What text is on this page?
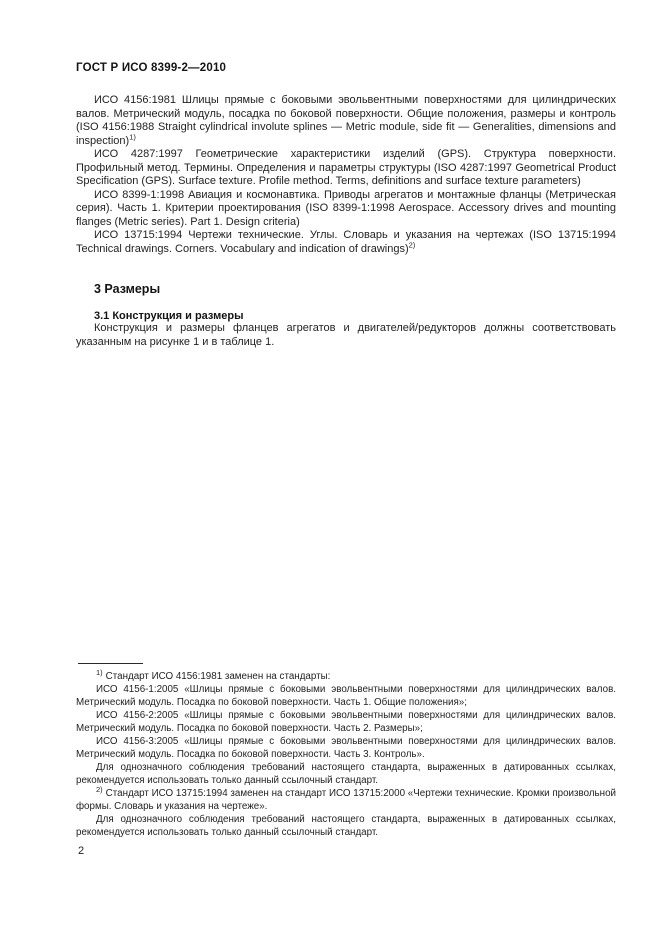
ГОСТ Р ИСО 8399-2—2010

ИСО 4156:1981 Шлицы прямые с боковыми эвольвентными поверхностями для цилиндрических валов. Метрический модуль, посадка по боковой поверхности. Общие положения, размеры и контроль (ISO 4156:1988 Straight cylindrical involute splines — Metric module, side fit — Generalities, dimensions and inspection)$^{1)}$

ИСО 4287:1997 Геометрические характеристики изделий (GPS). Структура поверхности. Профильный метод. Термины. Определения и параметры структуры (ISO 4287:1997 Geometrical Product Specification (GPS). Surface texture. Profile method. Terms, definitions and surface texture parameters)

ИСО 8399-1:1998 Авиация и космонавтика. Приводы агрегатов и монтажные фланцы (Метрическая серия). Часть 1. Критерии проектирования (ISO 8399-1:1998 Aerospace. Accessory drives and mounting flanges (Metric series). Part 1. Design criteria)

ИСО 13715:1994 Чертежи технические. Углы. Словарь и указания на чертежах (ISO 13715:1994 Technical drawings. Corners. Vocabulary and indication of drawings)$^{2)}$

3 Размеры
3.1 Конструкция и размеры

Конструкция и размеры фланцев агрегатов и двигателей/редукторов должны соответствовать указанным на рисунке 1 и в таблице 1.

$^{1)}$ Стандарт ИСО 4156:1981 заменен на стандарты:

ИСО 4156-1:2005 «Шлицы прямые с боковыми эвольвентными поверхностями для цилиндрических валов. Метрический модуль. Посадка по боковой поверхности. Часть 1. Общие положения»;

ИСО 4156-2:2005 «Шлицы прямые с боковыми эвольвентными поверхностями для цилиндрических валов. Метрический модуль. Посадка по боковой поверхности. Часть 2. Размеры»;

ИСО 4156-3:2005 «Шлицы прямые с боковыми эвольвентными поверхностями для цилиндрических валов. Метрический модуль. Посадка по боковой поверхности. Часть 3. Контроль».

Для однозначного соблюдения требований настоящего стандарта, выраженных в датированных ссылках, рекомендуется использовать только данный ссылочный стандарт.

$^{2)}$ Стандарт ИСО 13715:1994 заменен на стандарт ИСО 13715:2000 «Чертежи технические. Кромки произвольной формы. Словарь и указания на чертеже».

Для однозначного соблюдения требований настоящего стандарта, выраженных в датированных ссылках, рекомендуется использовать только данный ссылочный стандарт.

2
